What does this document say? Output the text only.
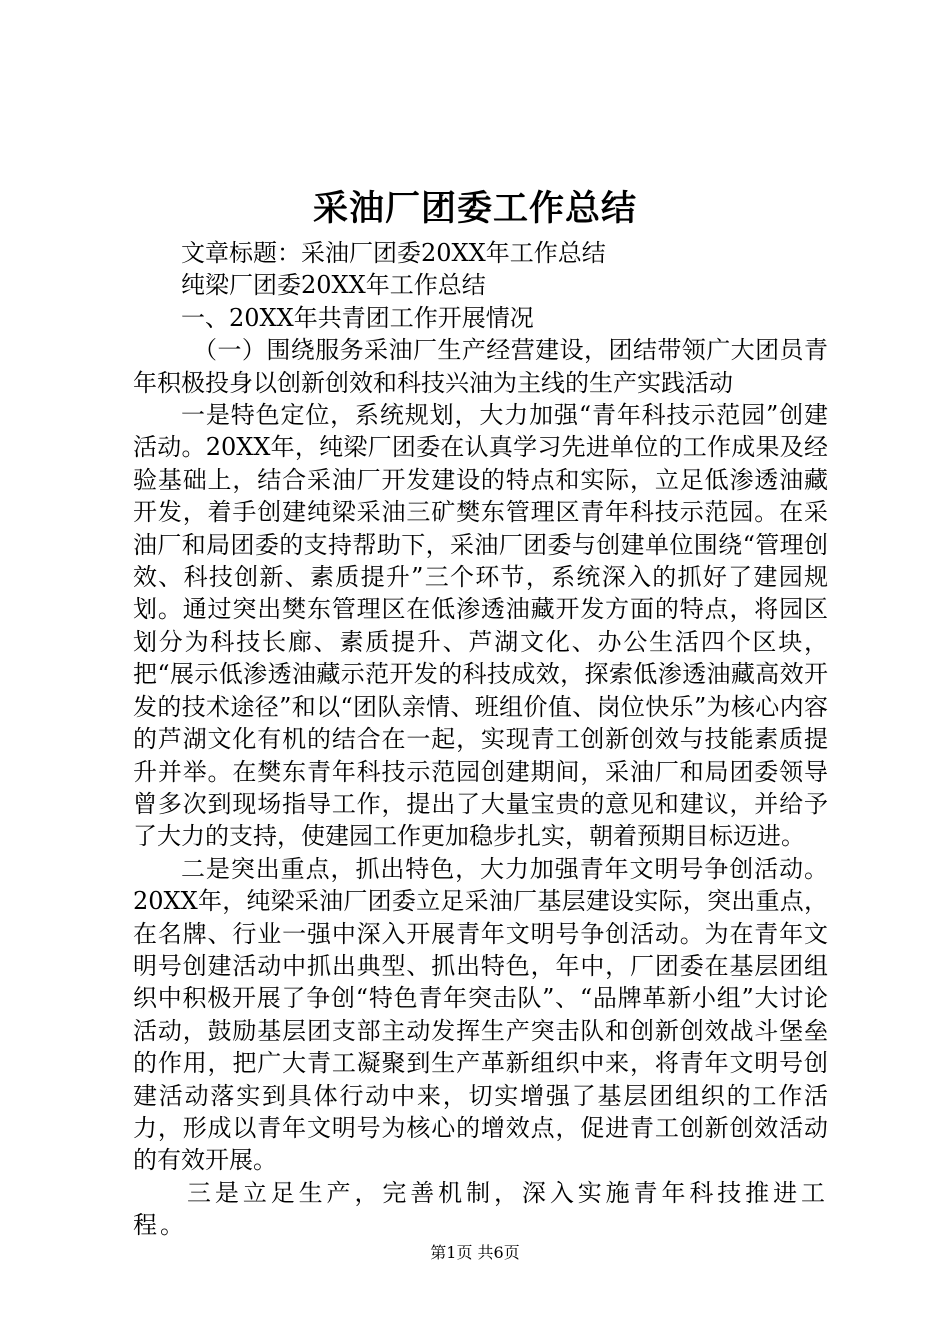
采油厂团委工作总结

文章标题：采油厂团委20XX年工作总结

纯梁厂团委20XX年工作总结

一、20XX年共青团工作开展情况

（一）围绕服务采油厂生产经营建设，团结带领广大团员青年积极投身以创新创效和科技兴油为主线的生产实践活动

一是特色定位，系统规划，大力加强“青年科技示范园”创建活动。20XX年，纯梁厂团委在认真学习先进单位的工作成果及经验基础上，结合采油厂开发建设的特点和实际，立足低渗透油藏开发，着手创建纯梁采油三矿樊东管理区青年科技示范园。在采油厂和局团委的支持帮助下，采油厂团委与创建单位围绕“管理创效、科技创新、素质提升”三个环节，系统深入的抓好了建园规划。通过突出樊东管理区在低渗透油藏开发方面的特点，将园区划分为科技长廊、素质提升、芦湖文化、办公生活四个区块，把“展示低渗透油藏示范开发的科技成效，探索低渗透油藏高效开发的技术途径”和以“团队亲情、班组价值、岗位快乐”为核心内容的芦湖文化有机的结合在一起，实现青工创新创效与技能素质提升并举。在樊东青年科技示范园创建期间，采油厂和局团委领导曾多次到现场指导工作，提出了大量宝贵的意见和建议，并给予了大力的支持，使建园工作更加稳步扎实，朝着预期目标迈进。

二是突出重点，抓出特色，大力加强青年文明号争创活动。20XX年，纯梁采油厂团委立足采油厂基层建设实际，突出重点，在名牌、行业一强中深入开展青年文明号争创活动。为在青年文明号创建活动中抓出典型、抓出特色，年中，厂团委在基层团组织中积极开展了争创“特色青年突击队”、“品牌革新小组”大讨论活动，鼓励基层团支部主动发挥生产突击队和创新创效战斗堡垒的作用，把广大青工凝聚到生产革新组织中来，将青年文明号创建活动落实到具体行动中来，切实增强了基层团组织的工作活力，形成以青年文明号为核心的增效点，促进青工创新创效活动的有效开展。

三是立足生产，完善机制，深入实施青年科技推进工程。

第1页 共6页
